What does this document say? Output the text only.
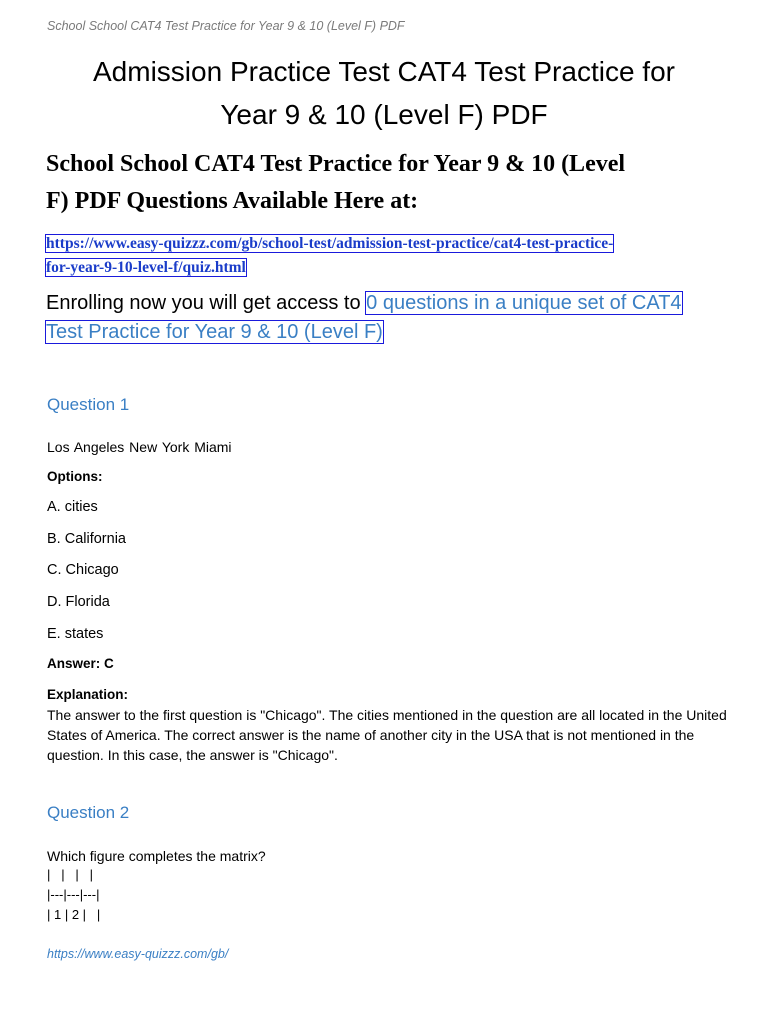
School School CAT4 Test Practice for Year 9 & 10 (Level F) PDF
Admission Practice Test CAT4 Test Practice for
Year 9 & 10 (Level F) PDF
School School CAT4 Test Practice for Year 9 & 10 (Level
F) PDF Questions Available Here at:
https://www.easy-quizzz.com/gb/school-test/admission-test-practice/cat4-test-practice-
for-year-9-10-level-f/quiz.html
Enrolling now you will get access to 0 questions in a unique set of CAT4
Test Practice for Year 9 & 10 (Level F)
Question 1
Los Angeles New York Miami
Options:
A. cities
B. California
C. Chicago
D. Florida
E. states
Answer: C
Explanation:
The answer to the first question is "Chicago". The cities mentioned in the question are all located in the United States of America. The correct answer is the name of another city in the USA that is not mentioned in the question. In this case, the answer is "Chicago".
Question 2
Which figure completes the matrix?
|   |   |   |
|---|---|---|
| 1 | 2 |   |
https://www.easy-quizzz.com/gb/
